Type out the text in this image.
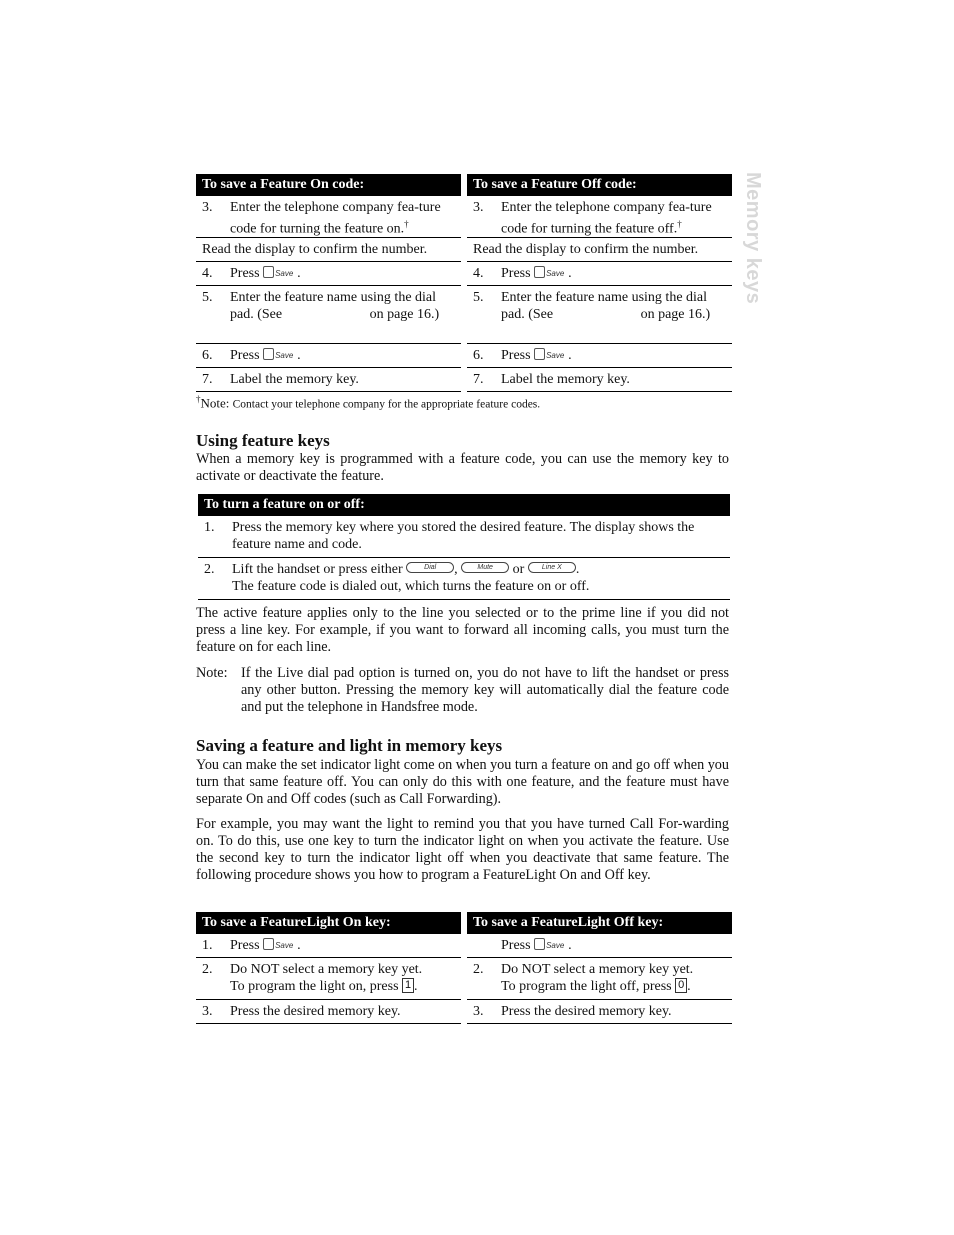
Memory keys
To save a Feature On code:
3.	Enter the telephone company fea-ture code for turning the feature on.†
Read the display to confirm the number.
4.	Press Save .
5.	Enter the feature name using the dial pad. (See                         on page 16.)
6.	Press Save .
7.	Label the memory key.
To save a Feature Off code:
3.	Enter the telephone company fea-ture code for turning the feature off.†
Read the display to confirm the number.
4.	Press Save .
5.	Enter the feature name using the dial pad. (See                         on page 16.)
6.	Press Save .
7.	Label the memory key.
†Note: Contact your telephone company for the appropriate feature codes.
Using feature keys
When a memory key is programmed with a feature code, you can use the memory key to activate or deactivate the feature.
To turn a feature on or off:
1.	Press the memory key where you stored the desired feature. The display shows the feature name and code.
2.	Lift the handset or press either	Dial ,	Mute or	Line X .
The feature code is dialed out, which turns the feature on or off.
The active feature applies only to the line you selected or to the prime line if you did not press a line key. For example, if you want to forward all incoming calls, you must turn the feature on for each line.
Note: If the Live dial pad option is turned on, you do not have to lift the handset or press any other button. Pressing the memory key will automatically dial the feature code and put the telephone in Handsfree mode.
Saving a feature and light in memory keys
You can make the set indicator light come on when you turn a feature on and go off when you turn that same feature off. You can only do this with one feature, and the feature must have separate On and Off codes (such as Call Forwarding).
For example, you may want the light to remind you that you have turned Call For-warding on. To do this, use one key to turn the indicator light on when you activate the feature. Use the second key to turn the indicator light off when you deactivate that same feature. The following procedure shows you how to program a FeatureLight On and Off key.
To save a FeatureLight On key:
1.	Press Save .
2.	Do NOT select a memory key yet.
To program the light on, press 1 .
3.	Press the desired memory key.
To save a FeatureLight Off key:
Press Save .
2.	Do NOT select a memory key yet.
To program the light off, press 0 .
3.	Press the desired memory key.
